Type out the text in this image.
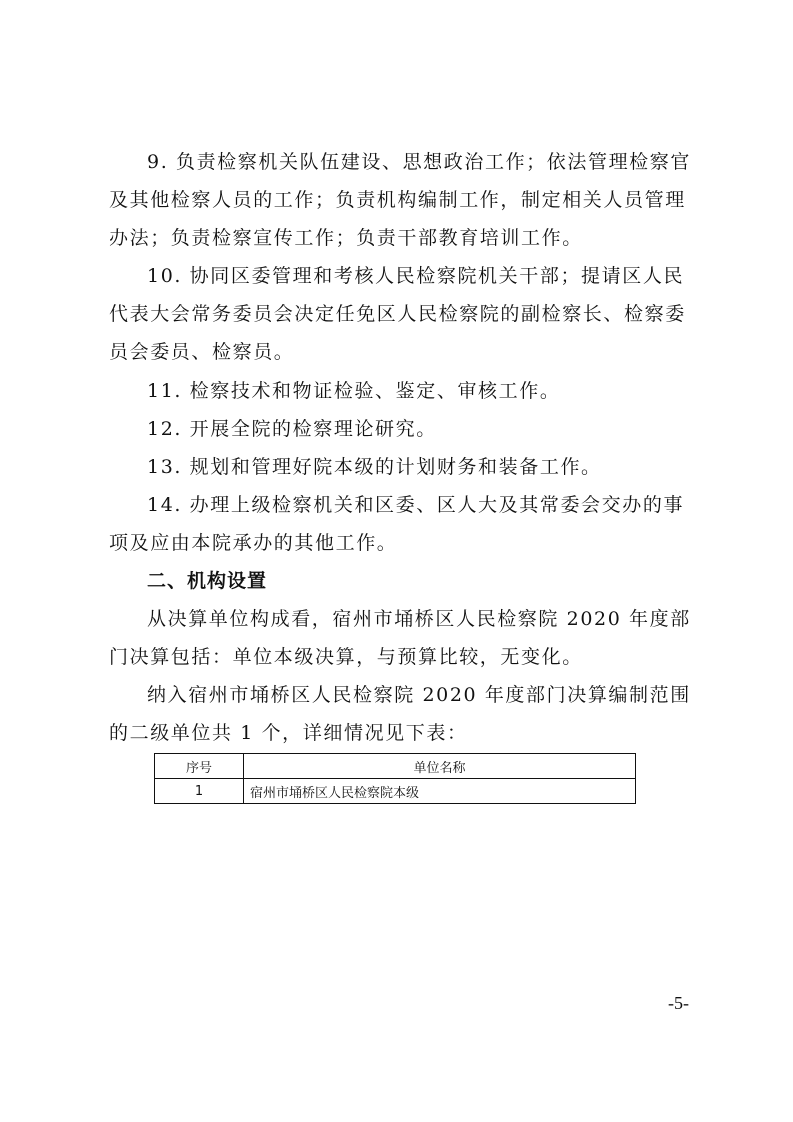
9. 负责检察机关队伍建设、思想政治工作；依法管理检察官
及其他检察人员的工作；负责机构编制工作，制定相关人员管理
办法；负责检察宣传工作；负责干部教育培训工作。
10. 协同区委管理和考核人民检察院机关干部；提请区人民
代表大会常务委员会决定任免区人民检察院的副检察长、检察委
员会委员、检察员。
11. 检察技术和物证检验、鉴定、审核工作。
12. 开展全院的检察理论研究。
13. 规划和管理好院本级的计划财务和装备工作。
14. 办理上级检察机关和区委、区人大及其常委会交办的事
项及应由本院承办的其他工作。
二、机构设置
从决算单位构成看，宿州市埇桥区人民检察院 2020 年度部
门决算包括：单位本级决算，与预算比较，无变化。
纳入宿州市埇桥区人民检察院 2020 年度部门决算编制范围
的二级单位共 1 个，详细情况见下表：
序号	单位名称
1	宿州市埇桥区人民检察院本级
-5-
